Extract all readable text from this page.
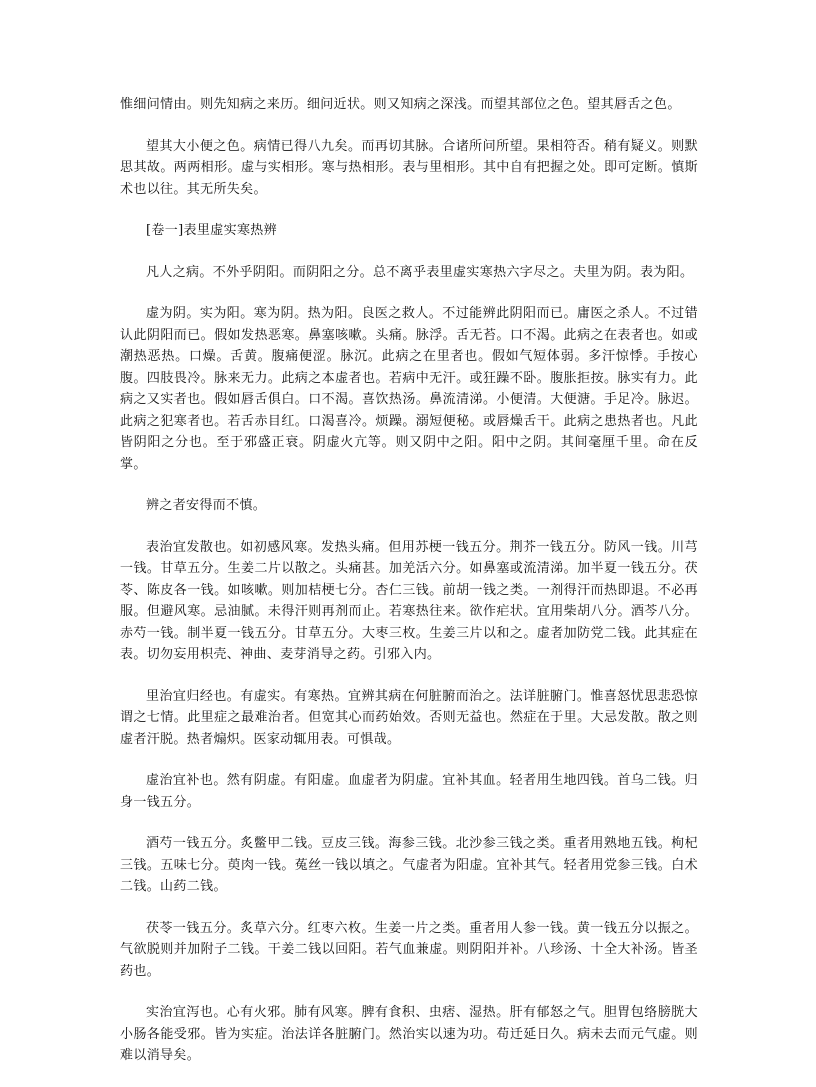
惟细问情由。则先知病之来历。细问近状。则又知病之深浅。而望其部位之色。望其唇舌之色。

望其大小便之色。病情已得八九矣。而再切其脉。合诸所问所望。果相符否。稍有疑义。则默思其故。两两相形。虚与实相形。寒与热相形。表与里相形。其中自有把握之处。即可定断。慎斯术也以往。其无所失矣。

[卷一]表里虚实寒热辨

凡人之病。不外乎阴阳。而阴阳之分。总不离乎表里虚实寒热六字尽之。夫里为阴。表为阳。

虚为阴。实为阳。寒为阴。热为阳。良医之救人。不过能辨此阴阳而已。庸医之杀人。不过错认此阴阳而已。假如发热恶寒。鼻塞咳嗽。头痛。脉浮。舌无苔。口不渴。此病之在表者也。如或潮热恶热。口燥。舌黄。腹痛便涩。脉沉。此病之在里者也。假如气短体弱。多汗惊悸。手按心腹。四肢畏冷。脉来无力。此病之本虚者也。若病中无汗。或狂躁不卧。腹胀拒按。脉实有力。此病之又实者也。假如唇舌俱白。口不渴。喜饮热汤。鼻流清涕。小便清。大便溏。手足冷。脉迟。此病之犯寒者也。若舌赤目红。口渴喜冷。烦躁。溺短便秘。或唇燥舌干。此病之患热者也。凡此皆阴阳之分也。至于邪盛正衰。阴虚火亢等。则又阴中之阳。阳中之阴。其间毫厘千里。命在反掌。

辨之者安得而不慎。

表治宜发散也。如初感风寒。发热头痛。但用苏梗一钱五分。荆芥一钱五分。防风一钱。川芎一钱。甘草五分。生姜二片以散之。头痛甚。加羌活六分。如鼻塞或流清涕。加半夏一钱五分。茯苓、陈皮各一钱。如咳嗽。则加桔梗七分。杏仁三钱。前胡一钱之类。一剂得汗而热即退。不必再服。但避风寒。忌油腻。未得汗则再剂而止。若寒热往来。欲作疟状。宜用柴胡八分。酒芩八分。赤芍一钱。制半夏一钱五分。甘草五分。大枣三枚。生姜三片以和之。虚者加防党二钱。此其症在表。切勿妄用枳壳、神曲、麦芽消导之药。引邪入内。

里治宜归经也。有虚实。有寒热。宜辨其病在何脏腑而治之。法详脏腑门。惟喜怒忧思悲恐惊谓之七情。此里症之最难治者。但宽其心而药始效。否则无益也。然症在于里。大忌发散。散之则虚者汗脱。热者煽炽。医家动辄用表。可惧哉。

虚治宜补也。然有阴虚。有阳虚。血虚者为阴虚。宜补其血。轻者用生地四钱。首乌二钱。归身一钱五分。

酒芍一钱五分。炙鳖甲二钱。豆皮三钱。海参三钱。北沙参三钱之类。重者用熟地五钱。枸杞三钱。五味七分。萸肉一钱。菟丝一钱以填之。气虚者为阳虚。宜补其气。轻者用党参三钱。白术二钱。山药二钱。

茯苓一钱五分。炙草六分。红枣六枚。生姜一片之类。重者用人参一钱。黄一钱五分以振之。气欲脱则并加附子二钱。干姜二钱以回阳。若气血兼虚。则阴阳并补。八珍汤、十全大补汤。皆圣药也。

实治宜泻也。心有火邪。肺有风寒。脾有食积、虫痞、湿热。肝有郁怒之气。胆胃包络膀胱大小肠各能受邪。皆为实症。治法详各脏腑门。然治实以速为功。苟迁延日久。病未去而元气虚。则难以消导矣。
